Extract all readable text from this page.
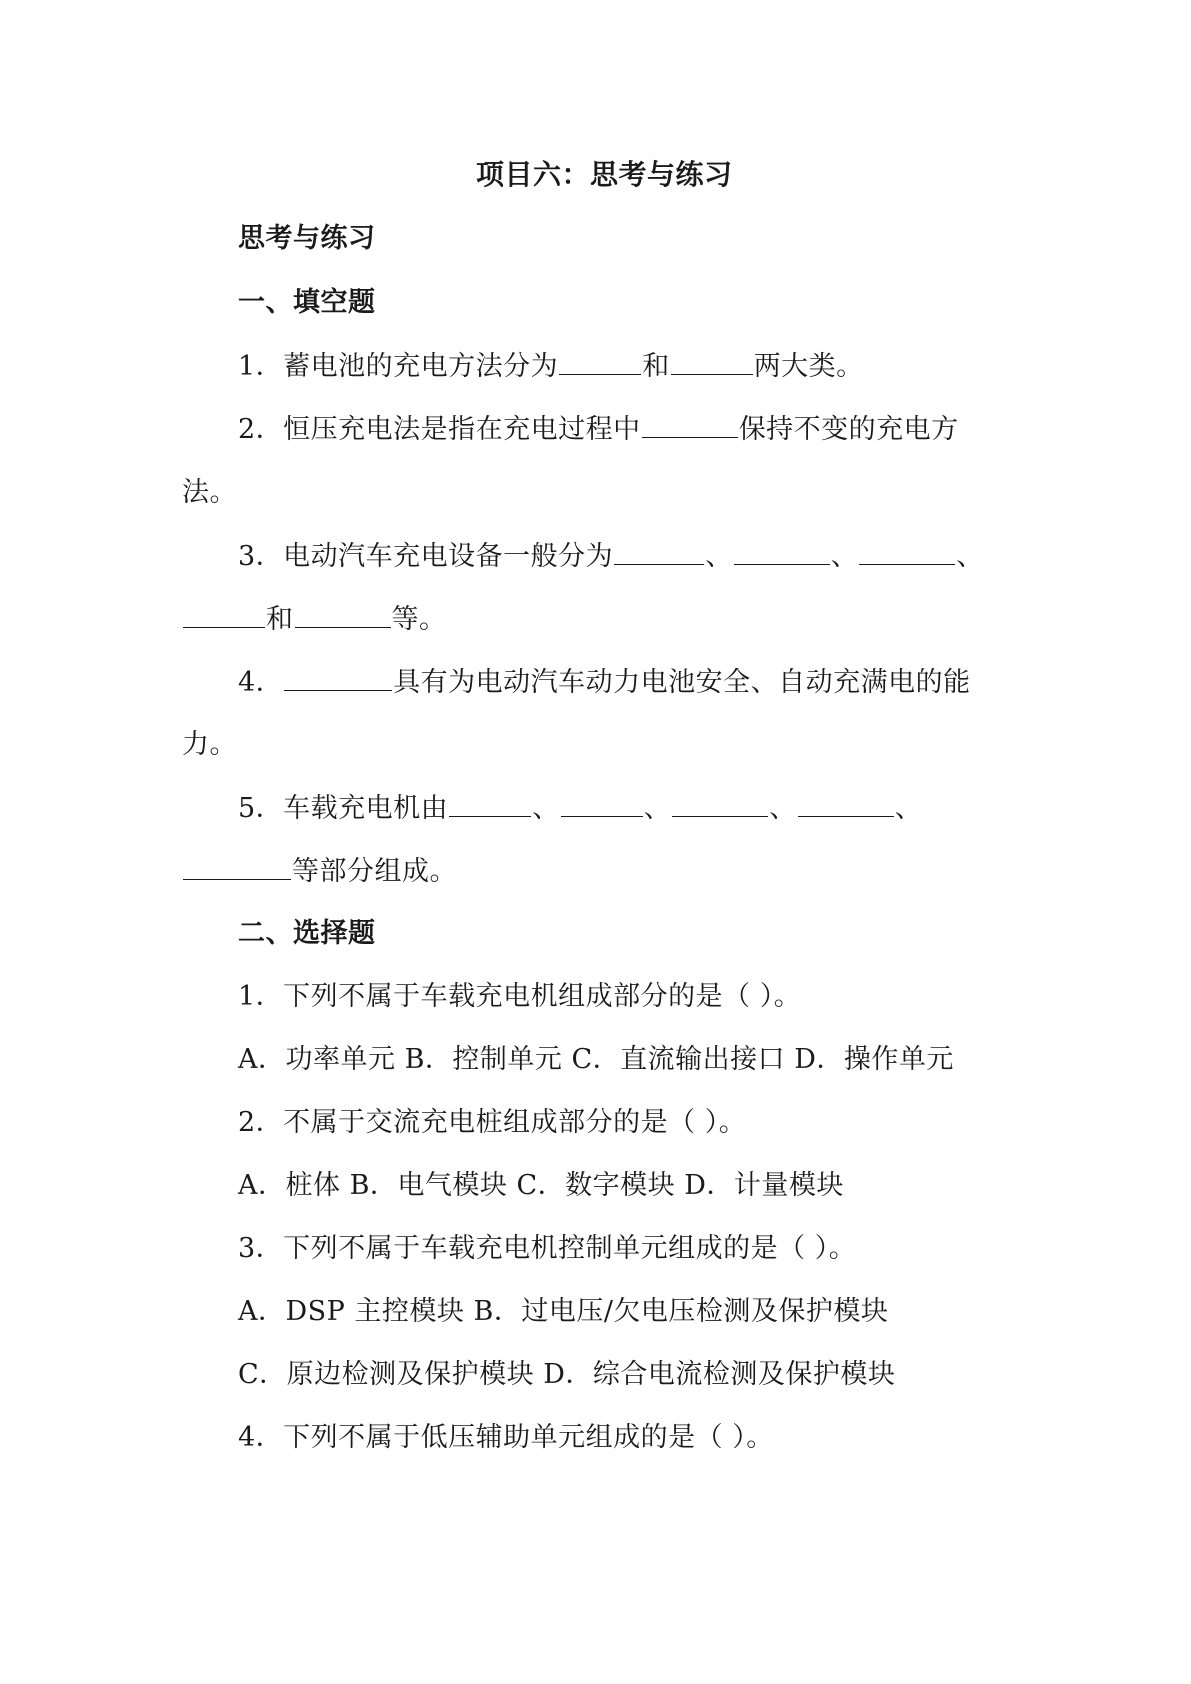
项目六：思考与练习
思考与练习
一、填空题
1．蓄电池的充电方法分为	和	两大类。
2．恒压充电法是指在充电过程中	保持不变的充电方
法。
3．电动汽车充电设备一般分为	、	、	、
和	等。
4．	具有为电动汽车动力电池安全、自动充满电的能
力。
5．车载充电机由	、	、	、	、
等部分组成。
二、选择题
1．下列不属于车载充电机组成部分的是（ ）。
A．功率单元 B．控制单元 C．直流输出接口 D．操作单元
2．不属于交流充电桩组成部分的是（ ）。
A．桩体 B．电气模块 C．数字模块 D．计量模块
3．下列不属于车载充电机控制单元组成的是（ ）。
A．DSP 主控模块 B．过电压/欠电压检测及保护模块
C．原边检测及保护模块 D．综合电流检测及保护模块
4．下列不属于低压辅助单元组成的是（ ）。
